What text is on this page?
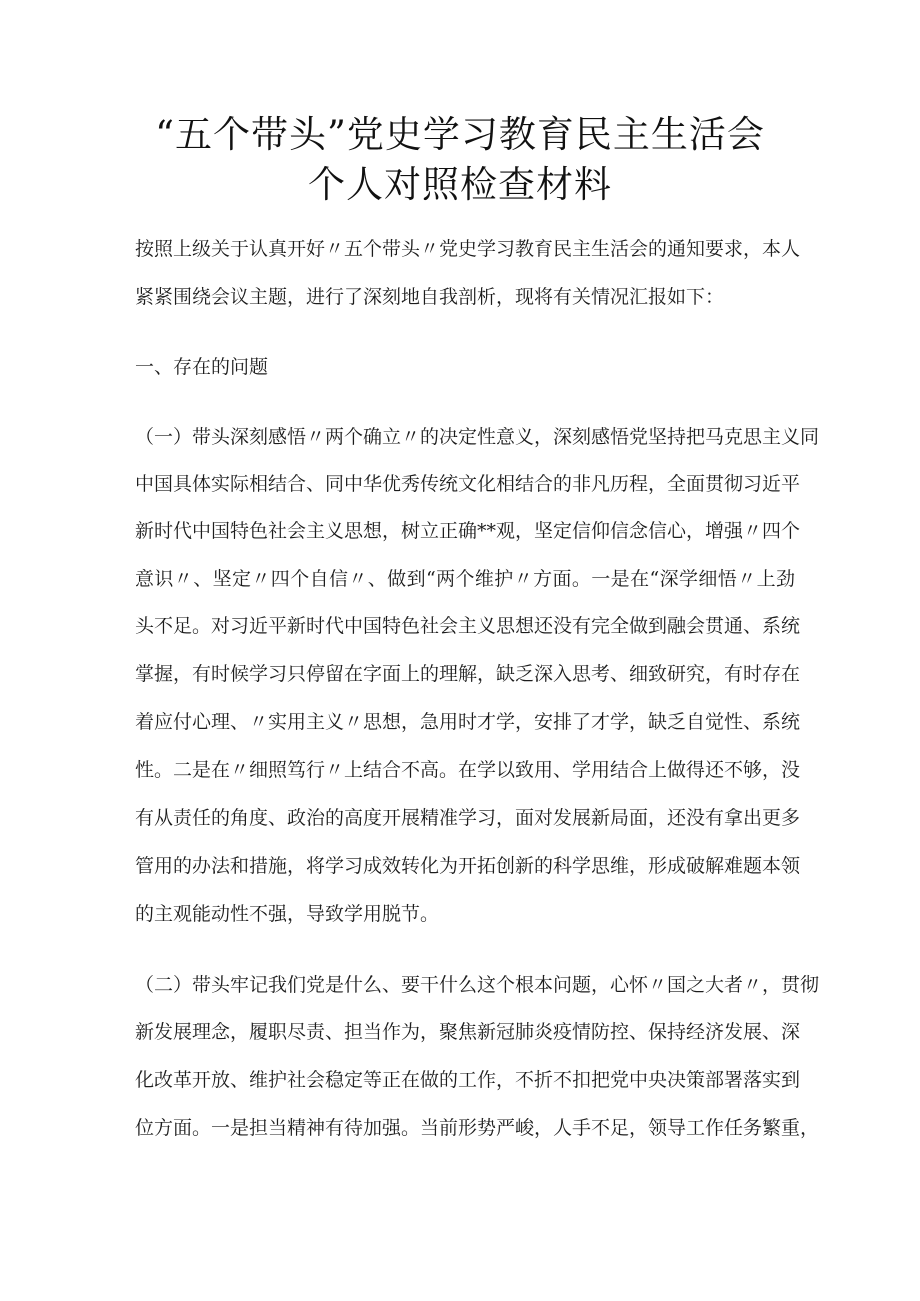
“五个带头”党史学习教育民主生活会
个人对照检查材料
按照上级关于认真开好〃五个带头〃党史学习教育民主生活会的通知要求，本人
紧紧围绕会议主题，进行了深刻地自我剖析，现将有关情况汇报如下：
一、存在的问题
（一）带头深刻感悟〃两个确立〃的决定性意义，深刻感悟党坚持把马克思主义同
中国具体实际相结合、同中华优秀传统文化相结合的非凡历程，全面贯彻习近平
新时代中国特色社会主义思想，树立正确**观，坚定信仰信念信心，增强〃四个
意识〃、坚定〃四个自信〃、做到“两个维护〃方面。一是在“深学细悟〃上劲
头不足。对习近平新时代中国特色社会主义思想还没有完全做到融会贯通、系统
掌握，有时候学习只停留在字面上的理解，缺乏深入思考、细致研究，有时存在
着应付心理、〃实用主义〃思想，急用时才学，安排了才学，缺乏自觉性、系统
性。二是在〃细照笃行〃上结合不高。在学以致用、学用结合上做得还不够，没
有从责任的角度、政治的高度开展精准学习，面对发展新局面，还没有拿出更多
管用的办法和措施，将学习成效转化为开拓创新的科学思维，形成破解难题本领
的主观能动性不强，导致学用脱节。
（二）带头牢记我们党是什么、要干什么这个根本问题，心怀〃国之大者〃，贯彻
新发展理念，履职尽责、担当作为，聚焦新冠肺炎疫情防控、保持经济发展、深
化改革开放、维护社会稳定等正在做的工作，不折不扣把党中央决策部署落实到
位方面。一是担当精神有待加强。当前形势严峻，人手不足，领导工作任务繁重，
